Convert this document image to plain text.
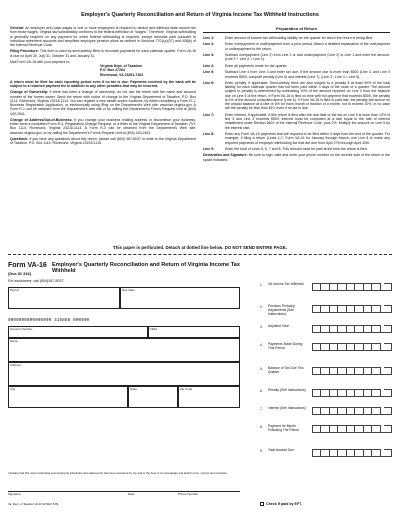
Employer's Quarterly Reconciliation and Return of Virginia Income Tax Withheld Instructions

General: An employer who pays wages to one or more employees is required to deduct and withhold state income tax from those wages. Virginia law substantially conforms to the federal definition of "wages." Therefore, Virginia withholding is generally required on any payment for which federal withholding is required, except amounts paid pursuant to individual retirement accounts and simplified employee pension plans as defined in Sections 7701(a)(37) and 408(k) of the Internal Revenue Code.

Filing Procedure: This form is used by semi-weekly filers to reconcile payments for each calendar quarter. Form VA-16 is due on April 30, July 31, October 31 and January 31.

Mail Form VA-16 with your payment to:
Virginia Dept. of Taxation
P.O. Box 27264
Richmond, VA 23261-7264

A return must be filed for each reporting period even if no tax is due. Payments received by the bank will be subject to a returned payment fee in addition to any other penalties that may be incurred.

Change of Ownership: If there has been a change of ownership, do not use the return with the name and account number of the former owner. Send the return with notice of change to the Virginia Department of Taxation, P.O. Box 1114, Richmond, Virginia 23218-1114. You can register a new dealer and/or locations, by either completing a Form R-1, Business Registration Application, or electronically using iReg on the Department's Web site: www.tax.virginia.gov. A Form R-1 can be obtained from the Department's web site or by calling the Department's Forms Request Unit at (804) 440-2541.

Change of Address/Out-of-Business: If you change your business mailing address or discontinue your business, either send a completed Form R-3, Registration Change Request, or a letter to the Virginia Department of Taxation, P.O. Box 1114, Richmond, Virginia 23218-1114. A Form R-3 can be obtained from the Department's Web site: www.tax.virginia.gov, or by calling the Department's Forms Request Unit at (804) 440-2541.

Questions: If you have any questions about this return, please call (804) 367-8037 or write to the Virginia Department of Taxation, P.O. Box 1115, Richmond, Virginia 23218-1115.

Preparation of Return
Line 1:	Enter amount of income tax withholding liability for the quarter for which the return is being filed.
Line 2:	Enter overpayment or underpayment from a prior period. Attach a detailed explanation of the overpayment or underpayment to the return.
Line 3:	Subtract overpayment (Line 2) from Line 1 or add underpayment (Line 2) to Line 1 and enter the amount. (Line 1 + Line 2 = Line 3).
Line 4:	Enter all payments made for the quarter.
Line 5:	Subtract Line 4 from Line 3 and enter tax due. If the amount due is more than $500 (Line 3, and Line 3 exceeds $500, compute penalty (Line 6) and interest (Line 7). (Line 3 - Line 4 = Line 5).
Line 6:	Enter penalty, if applicable. Semi-weekly filers are also subject to a penalty if at least 90% of the total liability for each calendar quarter has not been paid within 3 days of the close of a quarter. The amount subject to penalty is determined by subtracting 10% of the amount reported on Line 3 from the balance due on Line 5 of the return. If Form VA-16 is filed on time with full payment that exceeds $500, the penalty is 6% of the amount computed above (Line 5). If Form VA-16 is filed or paid late, the penalty will accrue on the unpaid balance at a rate of 6% for each month or fraction of a month, not to exceed 30%, in no case will the penalty be less than $10, even if no tax is due.
Line 7:	Enter interest, if applicable. If this return is filed after the due date or the tax on Line 5 is more than 10% of line 3 and Line 3 exceeds $500, interest must be computed at a rate equal to the rate of interest established under Section 6621 of the Internal Revenue Code, plus 2%. Multiply the amount on Line 5 by the interest rate.
Line 8:	Enter any Form VA-15 payments that are required to be filed within 3 days from the end of the quarter. For example, if filing a return (Lines 1-7, Form VA-16 for January through March, use Line 8 to make any required payments of employer withholding tax that are due from April 27th through April 30th.
Line 9:	Enter the total of Lines 5, 6, 7 and 8. This amount must be paid at the time the return is filed.

Declaration and Signature: Be sure to sign, date and enter your phone number on the reverse side of the return in the space indicated.

This paper is perforated. Detach at dotted line below. DO NOT SEND ENTIRE PAGE.
Form VA-16
(Doc ID 316)
Employer's Quarterly Reconciliation and Return of Virginia Income Tax Withheld
For assistance, call (804)367-8037.
Period	Due Date
0000000000000000 316888 000000
Account Number	FEIN
Name
Address
City	State	Zip Code
I declare that this return (including accompanying schedules and statements) has been examined by me and to the best of my knowledge and belief is true, correct and complete.
Signature	Date	Phone Number
Va. Dept. of Taxation VA-16 W REV 5/09
1.	VA Income Tax Withheld
2.	Previous Period(s) Adjustments (See Instructions)
3.	Adjusted Total
4.	Payments Made During This Period
5.	Balance of Tax Due This Quarter
6.	Penalty (See Instructions)
7.	Interest (See Instructions)
8.	Payment for Month Following The Period
9.	Total Amount Due
Check if paid by EFT.
